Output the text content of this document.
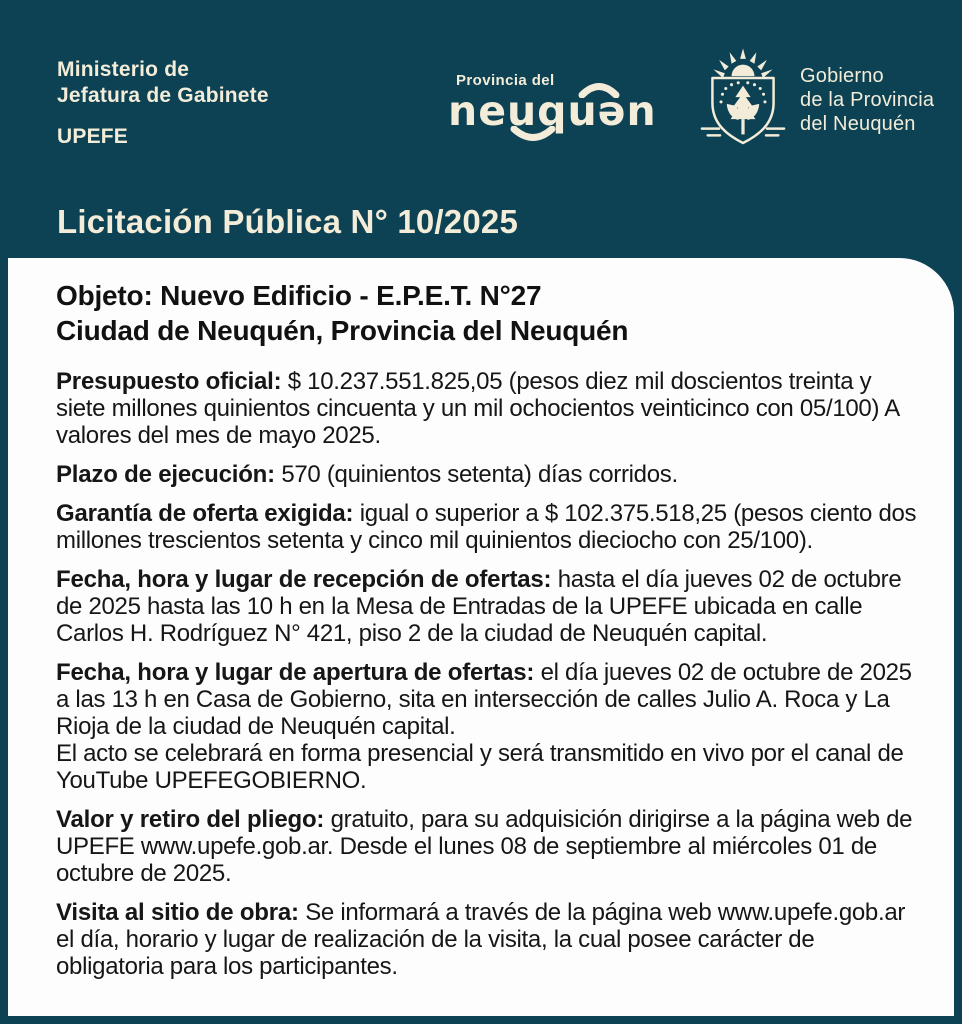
Ministerio de
Jefatura de Gabinete
UPEFE
Provincia del
neuquən
Gobierno
de la Provincia
del Neuquén
Licitación Pública N° 10/2025
Objeto: Nuevo Edificio - E.P.E.T. N°27
Ciudad de Neuquén, Provincia del Neuquén

Presupuesto oficial: $ 10.237.551.825,05 (pesos diez mil doscientos treinta y siete millones quinientos cincuenta y un mil ochocientos veinticinco con 05/100) A valores del mes de mayo 2025.

Plazo de ejecución: 570 (quinientos setenta) días corridos.

Garantía de oferta exigida: igual o superior a $ 102.375.518,25 (pesos ciento dos millones trescientos setenta y cinco mil quinientos dieciocho con 25/100).

Fecha, hora y lugar de recepción de ofertas: hasta el día jueves 02 de octubre de 2025 hasta las 10 h en la Mesa de Entradas de la UPEFE ubicada en calle Carlos H. Rodríguez N° 421, piso 2 de la ciudad de Neuquén capital.

Fecha, hora y lugar de apertura de ofertas: el día jueves 02 de octubre de 2025 a las 13 h en Casa de Gobierno, sita en intersección de calles Julio A. Roca y La Rioja de la ciudad de Neuquén capital.
El acto se celebrará en forma presencial y será transmitido en vivo por el canal de YouTube UPEFEGOBIERNO.

Valor y retiro del pliego: gratuito, para su adquisición dirigirse a la página web de UPEFE www.upefe.gob.ar. Desde el lunes 08 de septiembre al miércoles 01 de octubre de 2025.

Visita al sitio de obra: Se informará a través de la página web www.upefe.gob.ar el día, horario y lugar de realización de la visita, la cual posee carácter de obligatoria para los participantes.
